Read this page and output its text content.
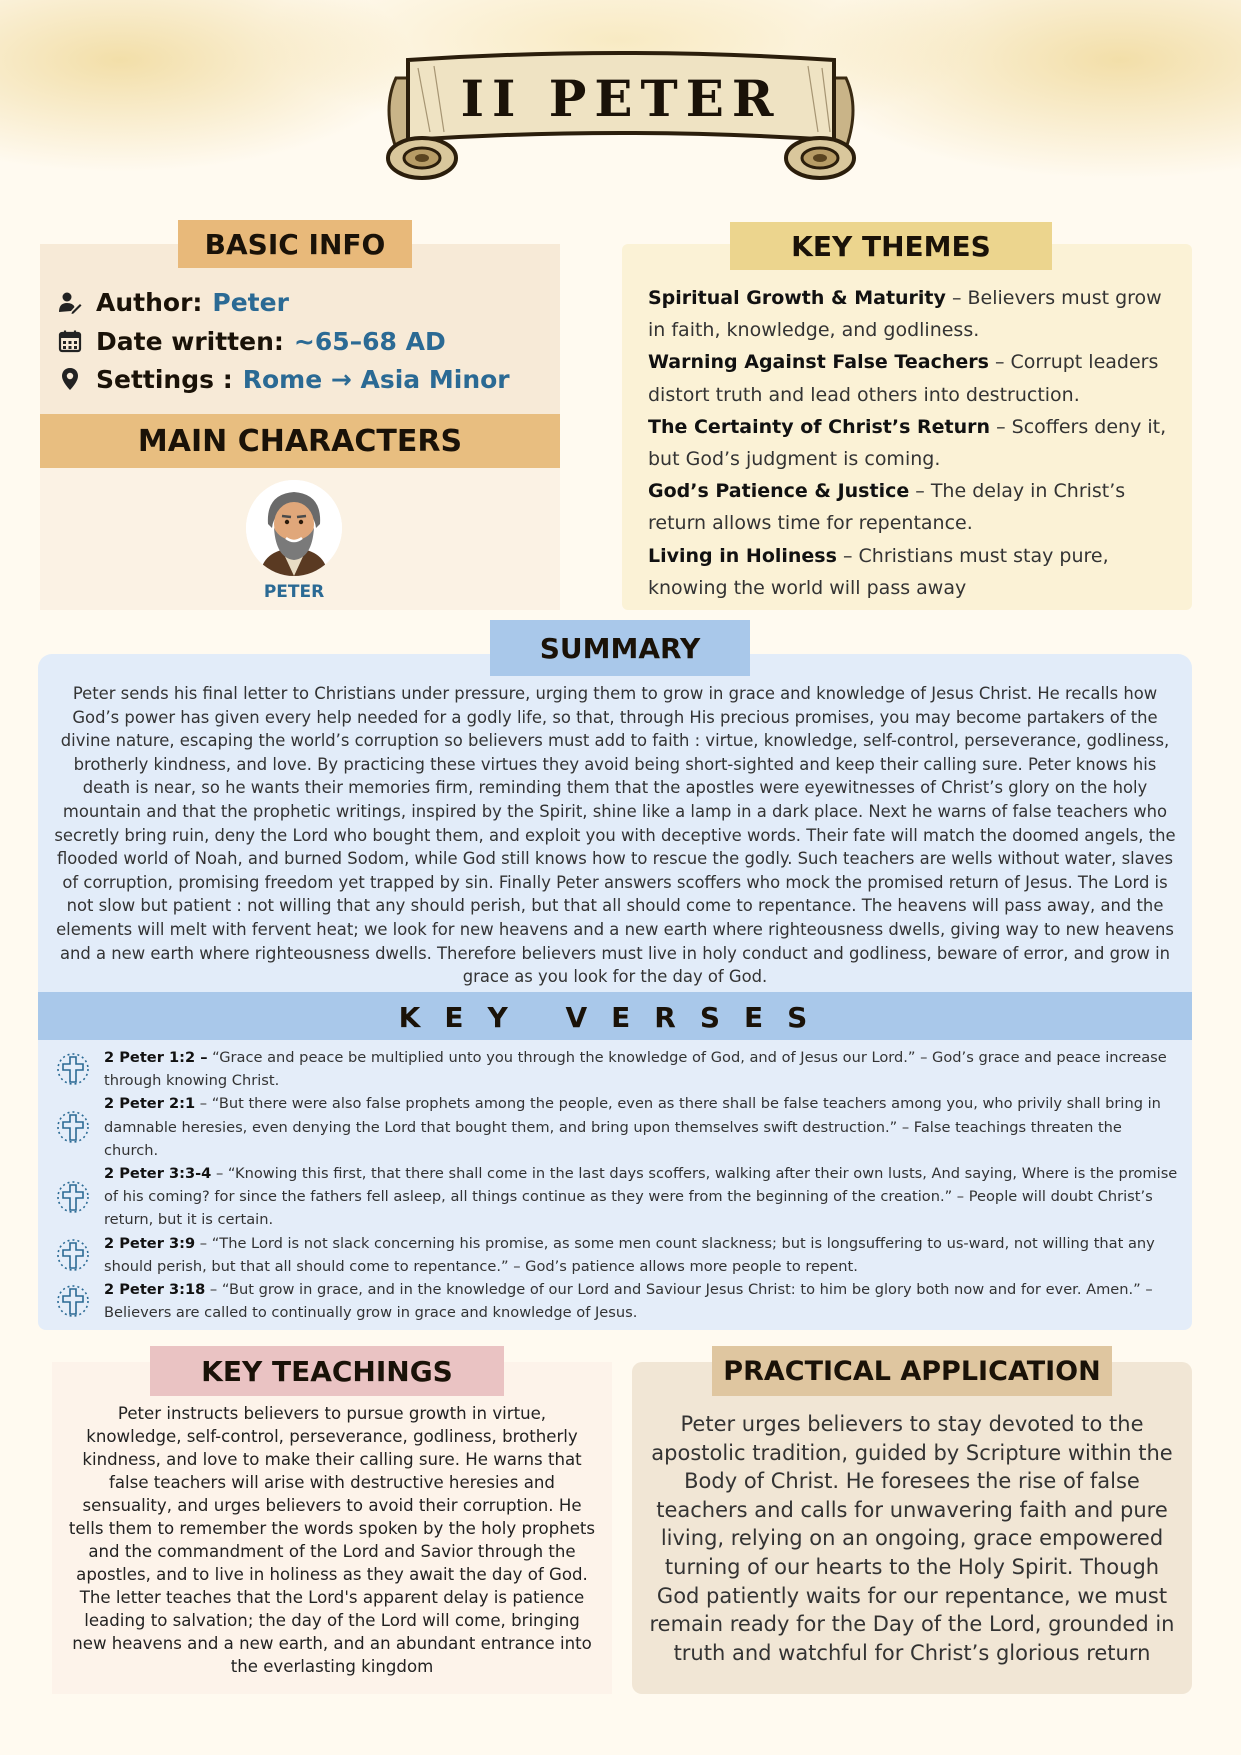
II PETER
BASIC INFO
Author: Peter
Date written: ~65–68 AD
Settings : Rome → Asia Minor
MAIN CHARACTERS
PETER
KEY THEMES
Spiritual Growth & Maturity – Believers must grow in faith, knowledge, and godliness.
Warning Against False Teachers – Corrupt leaders distort truth and lead others into destruction.
The Certainty of Christ’s Return – Scoffers deny it, but God’s judgment is coming.
God’s Patience & Justice – The delay in Christ’s return allows time for repentance.
Living in Holiness – Christians must stay pure, knowing the world will pass away
SUMMARY
Peter sends his final letter to Christians under pressure, urging them to grow in grace and knowledge of Jesus Christ. He recalls how God’s power has given every help needed for a godly life, so that, through His precious promises, you may become partakers of the divine nature, escaping the world’s corruption so believers must add to faith : virtue, knowledge, self-control, perseverance, godliness, brotherly kindness, and love. By practicing these virtues they avoid being short-sighted and keep their calling sure. Peter knows his death is near, so he wants their memories firm, reminding them that the apostles were eyewitnesses of Christ’s glory on the holy mountain and that the prophetic writings, inspired by the Spirit, shine like a lamp in a dark place. Next he warns of false teachers who secretly bring ruin, deny the Lord who bought them, and exploit you with deceptive words. Their fate will match the doomed angels, the flooded world of Noah, and burned Sodom, while God still knows how to rescue the godly. Such teachers are wells without water, slaves of corruption, promising freedom yet trapped by sin. Finally Peter answers scoffers who mock the promised return of Jesus. The Lord is not slow but patient : not willing that any should perish, but that all should come to repentance. The heavens will pass away, and the elements will melt with fervent heat; we look for new heavens and a new earth where righteousness dwells, giving way to new heavens and a new earth where righteousness dwells. Therefore believers must live in holy conduct and godliness, beware of error, and grow in grace as you look for the day of God.
KEY VERSES
2 Peter 1:2 – “Grace and peace be multiplied unto you through the knowledge of God, and of Jesus our Lord.” – God’s grace and peace increase through knowing Christ.
2 Peter 2:1 – “But there were also false prophets among the people, even as there shall be false teachers among you, who privily shall bring in damnable heresies, even denying the Lord that bought them, and bring upon themselves swift destruction.” – False teachings threaten the church.
2 Peter 3:3-4 – “Knowing this first, that there shall come in the last days scoffers, walking after their own lusts, And saying, Where is the promise of his coming? for since the fathers fell asleep, all things continue as they were from the beginning of the creation.” – People will doubt Christ’s return, but it is certain.
2 Peter 3:9 – “The Lord is not slack concerning his promise, as some men count slackness; but is longsuffering to us-ward, not willing that any should perish, but that all should come to repentance.” – God’s patience allows more people to repent.
2 Peter 3:18 – “But grow in grace, and in the knowledge of our Lord and Saviour Jesus Christ: to him be glory both now and for ever. Amen.” – Believers are called to continually grow in grace and knowledge of Jesus.
KEY TEACHINGS
Peter instructs believers to pursue growth in virtue, knowledge, self-control, perseverance, godliness, brotherly kindness, and love to make their calling sure. He warns that false teachers will arise with destructive heresies and sensuality, and urges believers to avoid their corruption. He tells them to remember the words spoken by the holy prophets and the commandment of the Lord and Savior through the apostles, and to live in holiness as they await the day of God. The letter teaches that the Lord's apparent delay is patience leading to salvation; the day of the Lord will come, bringing new heavens and a new earth, and an abundant entrance into the everlasting kingdom
PRACTICAL APPLICATION
Peter urges believers to stay devoted to the apostolic tradition, guided by Scripture within the Body of Christ. He foresees the rise of false teachers and calls for unwavering faith and pure living, relying on an ongoing, grace empowered turning of our hearts to the Holy Spirit. Though God patiently waits for our repentance, we must remain ready for the Day of the Lord, grounded in truth and watchful for Christ’s glorious return
